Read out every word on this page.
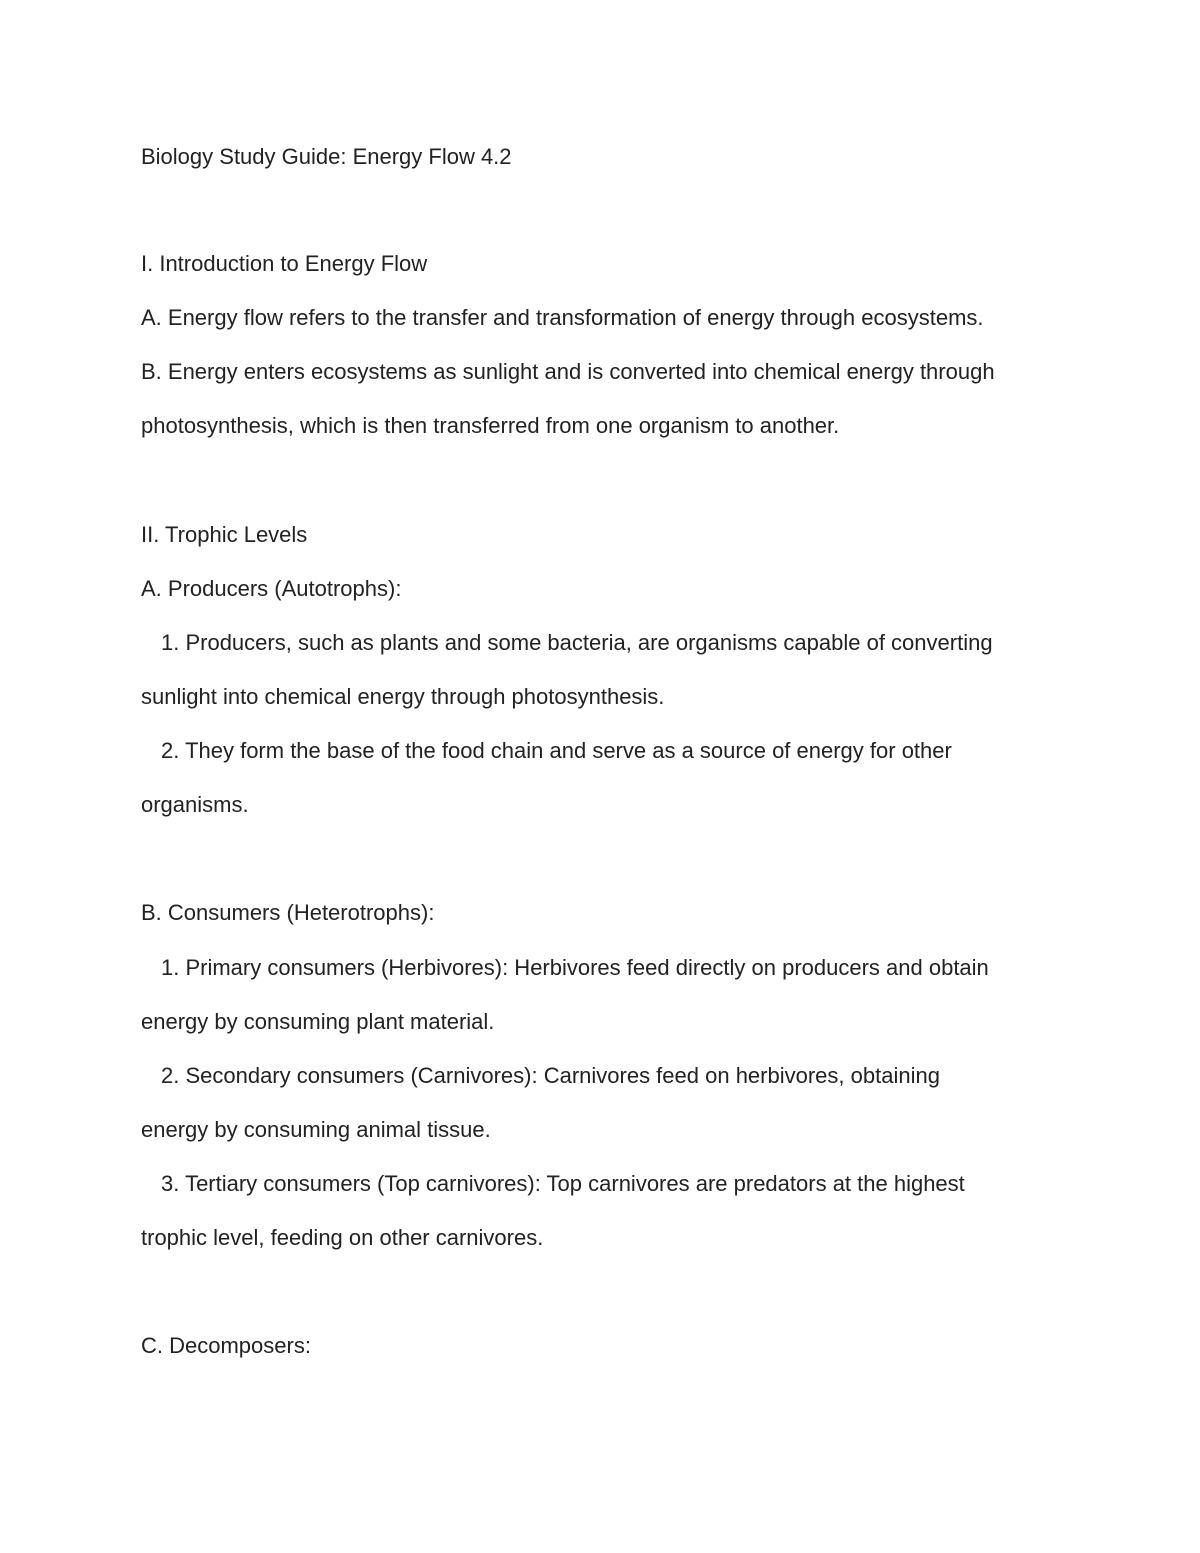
Biology Study Guide: Energy Flow 4.2
I. Introduction to Energy Flow
A. Energy flow refers to the transfer and transformation of energy through ecosystems.
B. Energy enters ecosystems as sunlight and is converted into chemical energy through
photosynthesis, which is then transferred from one organism to another.
II. Trophic Levels
A. Producers (Autotrophs):
1. Producers, such as plants and some bacteria, are organisms capable of converting
sunlight into chemical energy through photosynthesis.
2. They form the base of the food chain and serve as a source of energy for other
organisms.
B. Consumers (Heterotrophs):
1. Primary consumers (Herbivores): Herbivores feed directly on producers and obtain
energy by consuming plant material.
2. Secondary consumers (Carnivores): Carnivores feed on herbivores, obtaining
energy by consuming animal tissue.
3. Tertiary consumers (Top carnivores): Top carnivores are predators at the highest
trophic level, feeding on other carnivores.
C. Decomposers:
